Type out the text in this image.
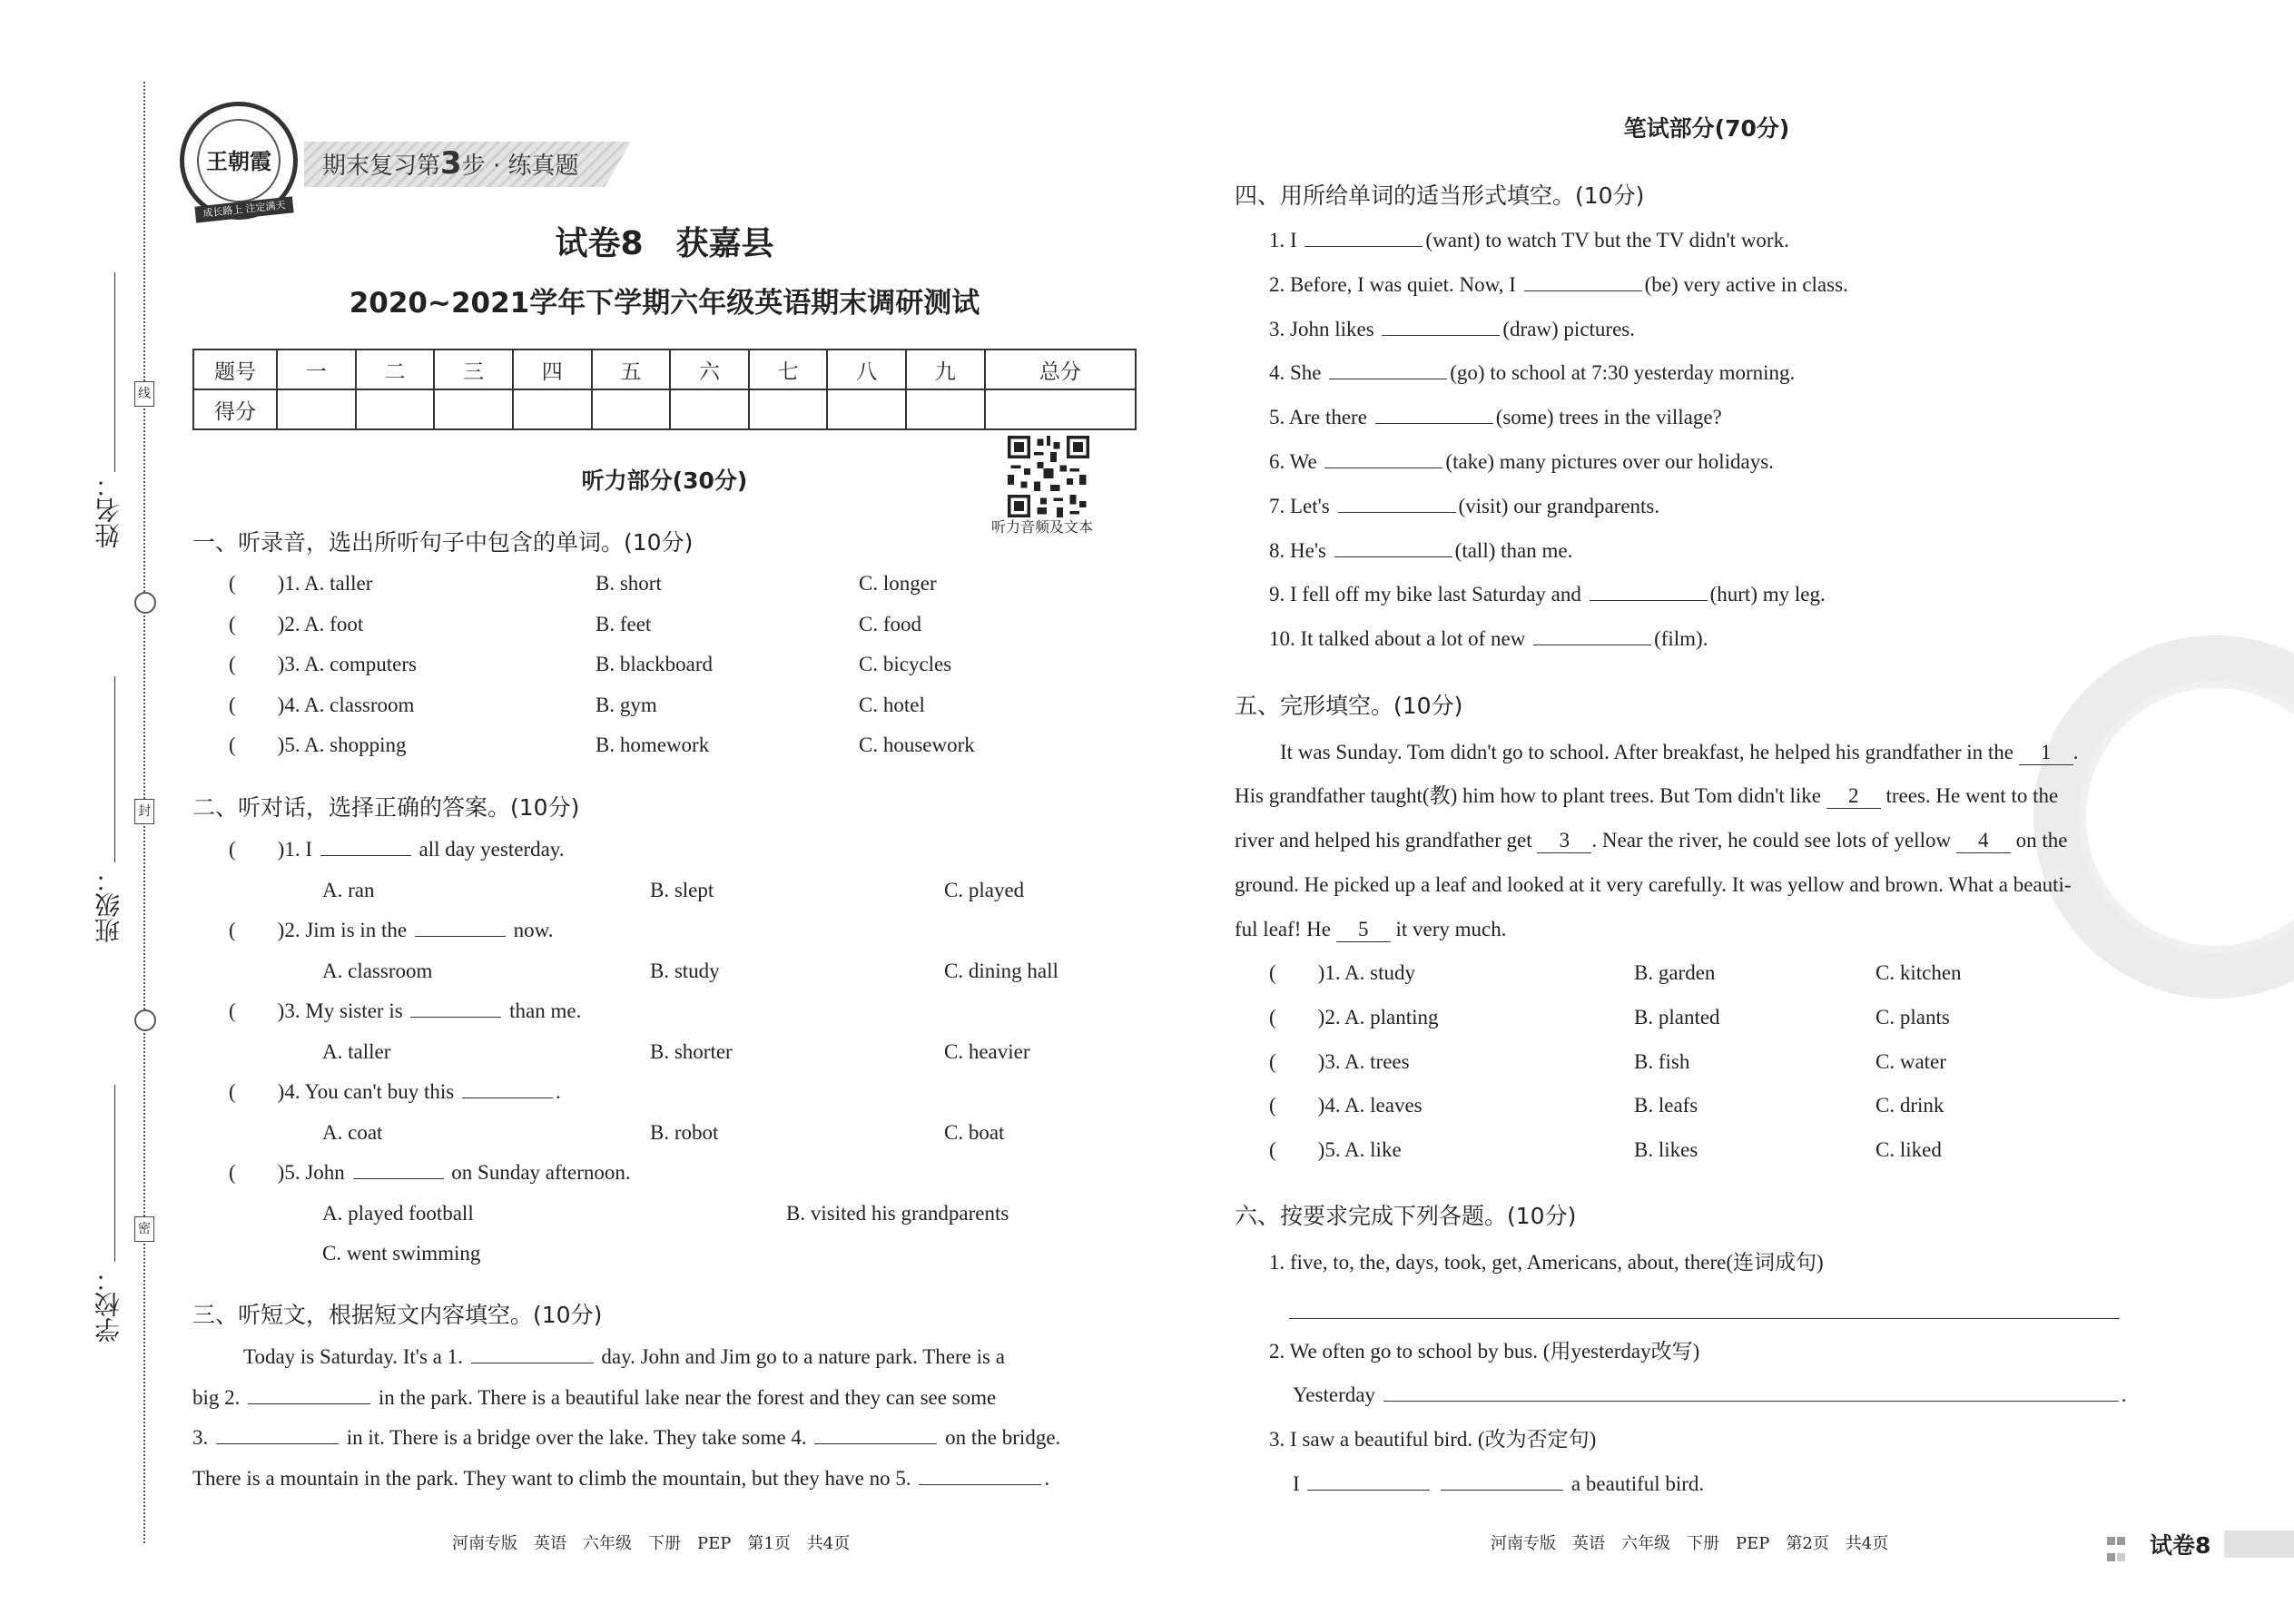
姓名：
班级：
学校：
线
封
密
期末复习第3步 · 练真题
王朝霞
成长路上 注定满天
试卷8　获嘉县
2020~2021学年下学期六年级英语期末调研测试
题号	一	二	三	四	五	六	七	八	九	总分
得分										
听力音频及文本
听力部分(30分)
一、听录音，选出所听句子中包含的单词。(10分)
(　　)1. A. taller	B. short	C. longer
(　　)2. A. foot	B. feet	C. food
(　　)3. A. computers	B. blackboard	C. bicycles
(　　)4. A. classroom	B. gym	C. hotel
(　　)5. A. shopping	B. homework	C. housework
二、听对话，选择正确的答案。(10分)
(　　)1. I	all day yesterday.
A. ran	B. slept	C. played
(　　)2. Jim is in the	now.
A. classroom	B. study	C. dining hall
(　　)3. My sister is	than me.
A. taller	B. shorter	C. heavier
(　　)4. You can't buy this	.
A. coat	B. robot	C. boat
(　　)5. John	on Sunday afternoon.
A. played football	B. visited his grandparents
C. went swimming
三、听短文，根据短文内容填空。(10分)
Today is Saturday. It's a 1.	day. John and Jim go to a nature park. There is a
big 2.	in the park. There is a beautiful lake near the forest and they can see some
3.	in it. There is a bridge over the lake. They take some 4.	on the bridge.
There is a mountain in the park. They want to climb the mountain, but they have no 5.	.
河南专版　英语　六年级　下册　PEP　第1页　共4页
笔试部分(70分)
四、用所给单词的适当形式填空。(10分)
1. I	(want) to watch TV but the TV didn't work.
2. Before, I was quiet. Now, I	(be) very active in class.
3. John likes	(draw) pictures.
4. She	(go) to school at 7:30 yesterday morning.
5. Are there	(some) trees in the village?
6. We	(take) many pictures over our holidays.
7. Let's	(visit) our grandparents.
8. He's	(tall) than me.
9. I fell off my bike last Saturday and	(hurt) my leg.
10. It talked about a lot of new	(film).
五、完形填空。(10分)
It was Sunday. Tom didn't go to school. After breakfast, he helped his grandfather in the 1 .
His grandfather taught(教) him how to plant trees. But Tom didn't like 2 trees. He went to the
river and helped his grandfather get 3 . Near the river, he could see lots of yellow 4 on the
ground. He picked up a leaf and looked at it very carefully. It was yellow and brown. What a beauti-
ful leaf! He 5 it very much.
(　　)1. A. study	B. garden	C. kitchen
(　　)2. A. planting	B. planted	C. plants
(　　)3. A. trees	B. fish	C. water
(　　)4. A. leaves	B. leafs	C. drink
(　　)5. A. like	B. likes	C. liked
六、按要求完成下列各题。(10分)
1. five, to, the, days, took, get, Americans, about, there(连词成句)
2. We often go to school by bus. (用yesterday改写)
Yesterday	.
3. I saw a beautiful bird. (改为否定句)
I	a beautiful bird.
河南专版　英语　六年级　下册　PEP　第2页　共4页	试卷8
